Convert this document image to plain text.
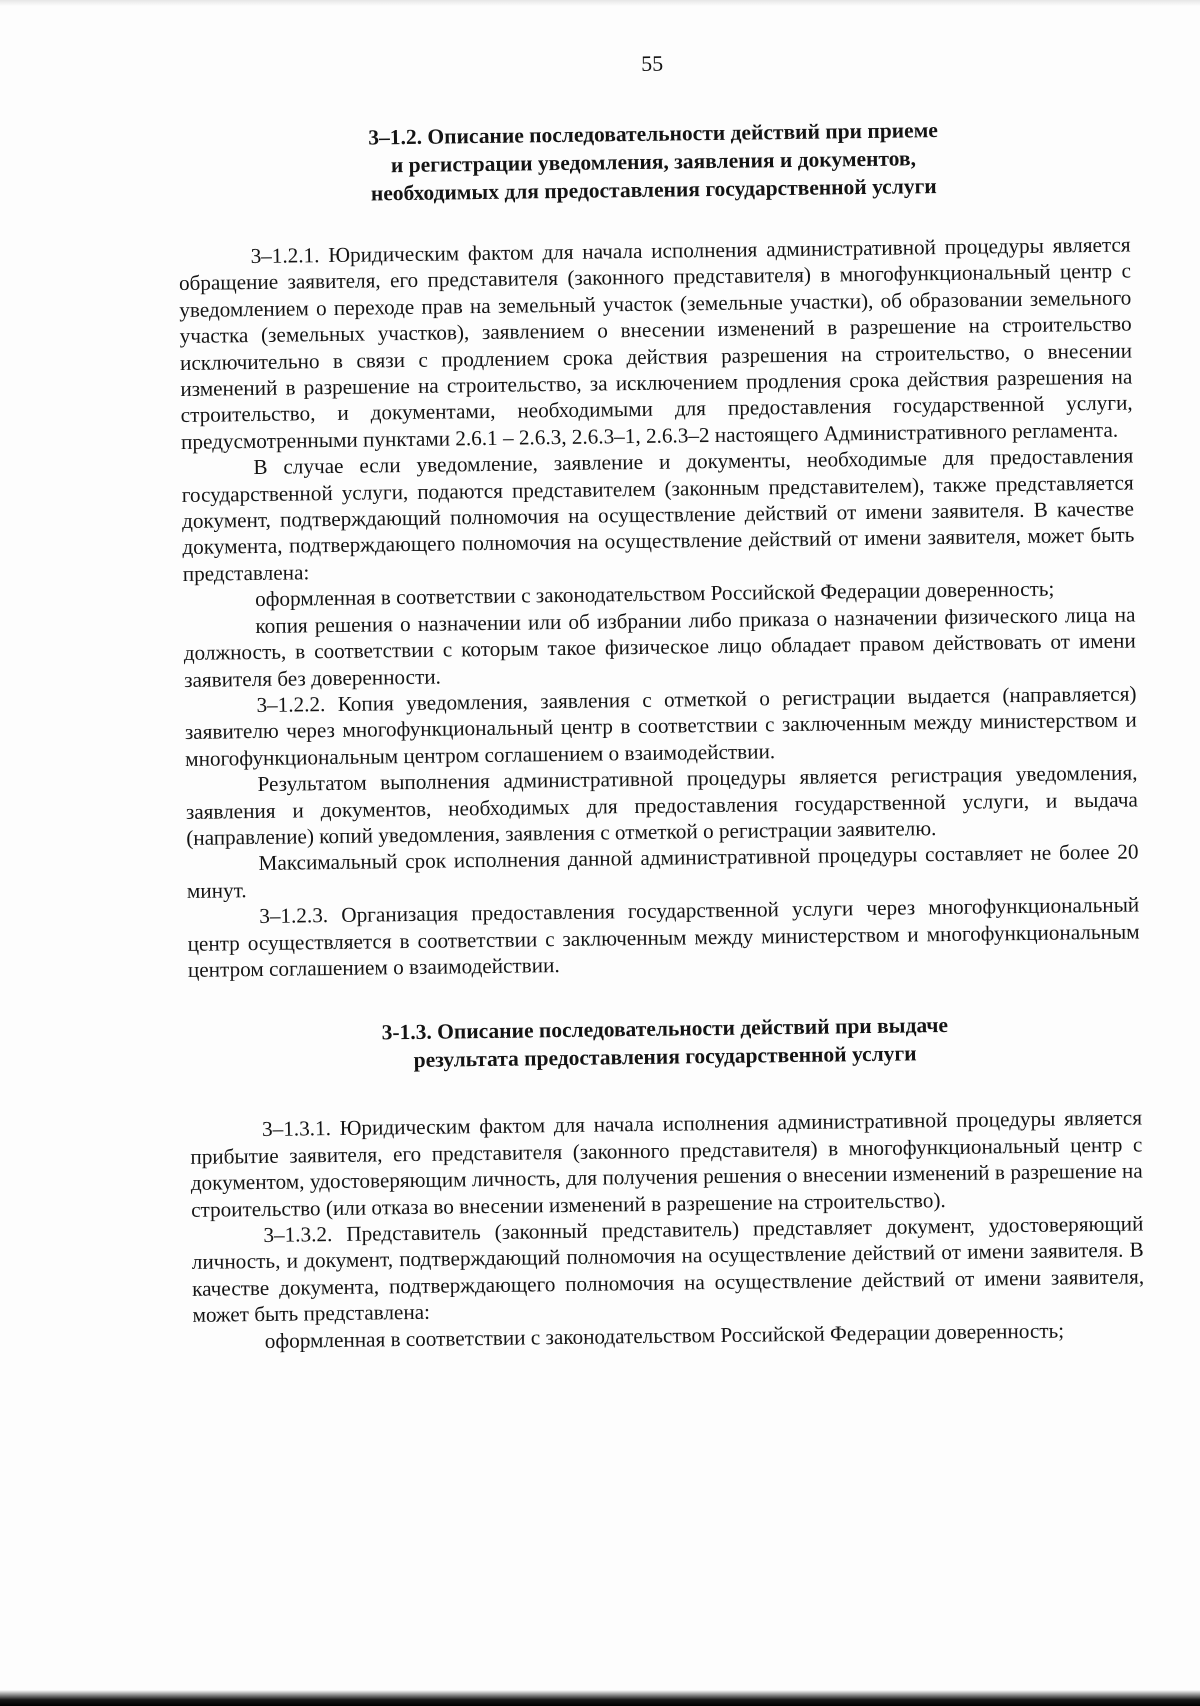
55

3–1.2. Описание последовательности действий при приеме

и регистрации уведомления, заявления и документов,

необходимых для предоставления государственной услуги

3–1.2.1. Юридическим фактом для начала исполнения административной процедуры является обращение заявителя, его представителя (законного представителя) в многофункциональный центр с уведомлением о переходе прав на земельный участок (земельные участки), об образовании земельного участка (земельных участков), заявлением о внесении изменений в разрешение на строительство исключительно в связи с продлением срока действия разрешения на строительство, о внесении изменений в разрешение на строительство, за исключением продления срока действия разрешения на строительство, и документами, необходимыми для предоставления государственной услуги, предусмотренными пунктами 2.6.1 – 2.6.3, 2.6.3–1, 2.6.3–2 настоящего Административного регламента.

В случае если уведомление, заявление и документы, необходимые для предоставления государственной услуги, подаются представителем (законным представителем), также представляется документ, подтверждающий полномочия на осуществление действий от имени заявителя. В качестве документа, подтверждающего полномочия на осуществление действий от имени заявителя, может быть представлена:

оформленная в соответствии с законодательством Российской Федерации доверенность;

копия решения о назначении или об избрании либо приказа о назначении физического лица на должность, в соответствии с которым такое физическое лицо обладает правом действовать от имени заявителя без доверенности.

3–1.2.2. Копия уведомления, заявления с отметкой о регистрации выдается (направляется) заявителю через многофункциональный центр в соответствии с заключенным между министерством и многофункциональным центром соглашением о взаимодействии.

Результатом выполнения административной процедуры является регистрация уведомления, заявления и документов, необходимых для предоставления государственной услуги, и выдача (направление) копий уведомления, заявления с отметкой о регистрации заявителю.

Максимальный срок исполнения данной административной процедуры составляет не более 20 минут.

3–1.2.3. Организация предоставления государственной услуги через многофункциональный центр осуществляется в соответствии с заключенным между министерством и многофункциональным центром соглашением о взаимодействии.

3-1.3. Описание последовательности действий при выдаче

результата предоставления государственной услуги

3–1.3.1. Юридическим фактом для начала исполнения административной процедуры является прибытие заявителя, его представителя (законного представителя) в многофункциональный центр с документом, удостоверяющим личность, для получения решения о внесении изменений в разрешение на строительство (или отказа во внесении изменений в разрешение на строительство).

3–1.3.2. Представитель (законный представитель) представляет документ, удостоверяющий личность, и документ, подтверждающий полномочия на осуществление действий от имени заявителя. В качестве документа, подтверждающего полномочия на осуществление действий от имени заявителя, может быть представлена:

оформленная в соответствии с законодательством Российской Федерации доверенность;
